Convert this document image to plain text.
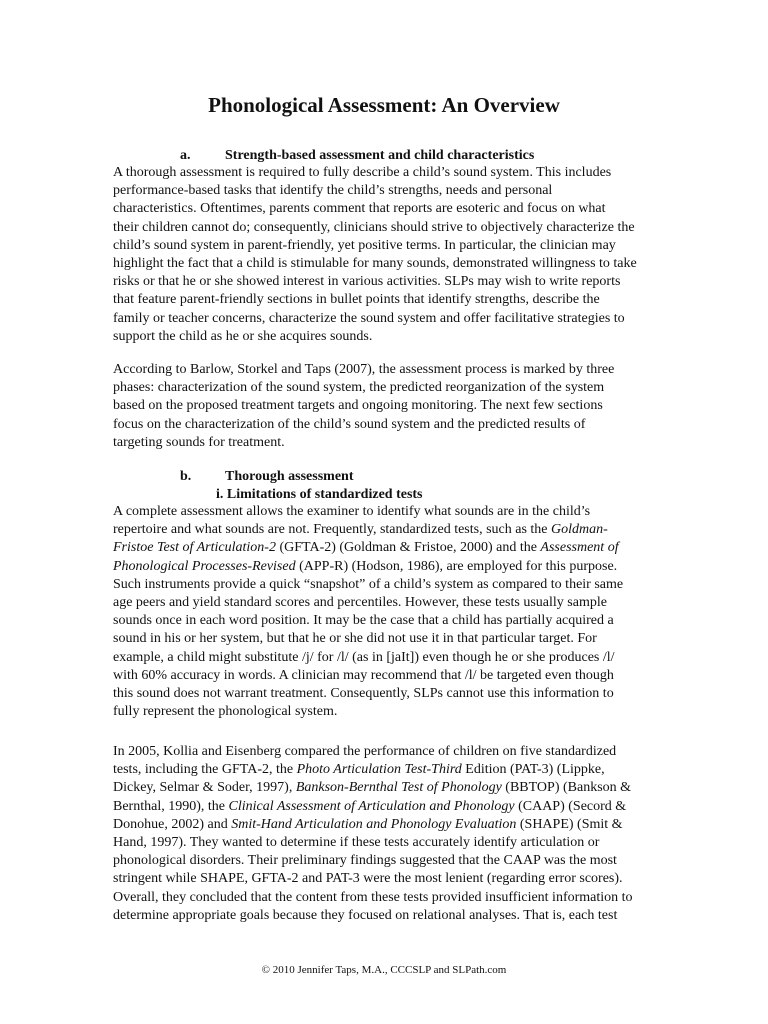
Phonological Assessment: An Overview

a. Strength-based assessment and child characteristics

A thorough assessment is required to fully describe a child’s sound system. This includes
performance-based tasks that identify the child’s strengths, needs and personal
characteristics. Oftentimes, parents comment that reports are esoteric and focus on what
their children cannot do; consequently, clinicians should strive to objectively characterize the
child’s sound system in parent-friendly, yet positive terms. In particular, the clinician may
highlight the fact that a child is stimulable for many sounds, demonstrated willingness to take
risks or that he or she showed interest in various activities. SLPs may wish to write reports
that feature parent-friendly sections in bullet points that identify strengths, describe the
family or teacher concerns, characterize the sound system and offer facilitative strategies to
support the child as he or she acquires sounds.
According to Barlow, Storkel and Taps (2007), the assessment process is marked by three
phases: characterization of the sound system, the predicted reorganization of the system
based on the proposed treatment targets and ongoing monitoring. The next few sections
focus on the characterization of the child’s sound system and the predicted results of
targeting sounds for treatment.

b. Thorough assessment

i. Limitations of standardized tests

A complete assessment allows the examiner to identify what sounds are in the child’s
repertoire and what sounds are not. Frequently, standardized tests, such as the Goldman-
Fristoe Test of Articulation-2 (GFTA-2) (Goldman & Fristoe, 2000) and the Assessment of
Phonological Processes-Revised (APP-R) (Hodson, 1986), are employed for this purpose.
Such instruments provide a quick “snapshot” of a child’s system as compared to their same
age peers and yield standard scores and percentiles. However, these tests usually sample
sounds once in each word position. It may be the case that a child has partially acquired a
sound in his or her system, but that he or she did not use it in that particular target. For
example, a child might substitute /j/ for /l/ (as in [jaIt]) even though he or she produces /l/
with 60% accuracy in words. A clinician may recommend that /l/ be targeted even though
this sound does not warrant treatment. Consequently, SLPs cannot use this information to
fully represent the phonological system.
In 2005, Kollia and Eisenberg compared the performance of children on five standardized
tests, including the GFTA-2, the Photo Articulation Test-Third Edition (PAT-3) (Lippke,
Dickey, Selmar & Soder, 1997), Bankson-Bernthal Test of Phonology (BBTOP) (Bankson &
Bernthal, 1990), the Clinical Assessment of Articulation and Phonology (CAAP) (Secord &
Donohue, 2002) and Smit-Hand Articulation and Phonology Evaluation (SHAPE) (Smit &
Hand, 1997). They wanted to determine if these tests accurately identify articulation or
phonological disorders. Their preliminary findings suggested that the CAAP was the most
stringent while SHAPE, GFTA-2 and PAT-3 were the most lenient (regarding error scores).
Overall, they concluded that the content from these tests provided insufficient information to
determine appropriate goals because they focused on relational analyses. That is, each test

© 2010 Jennifer Taps, M.A., CCCSLP and SLPath.com
